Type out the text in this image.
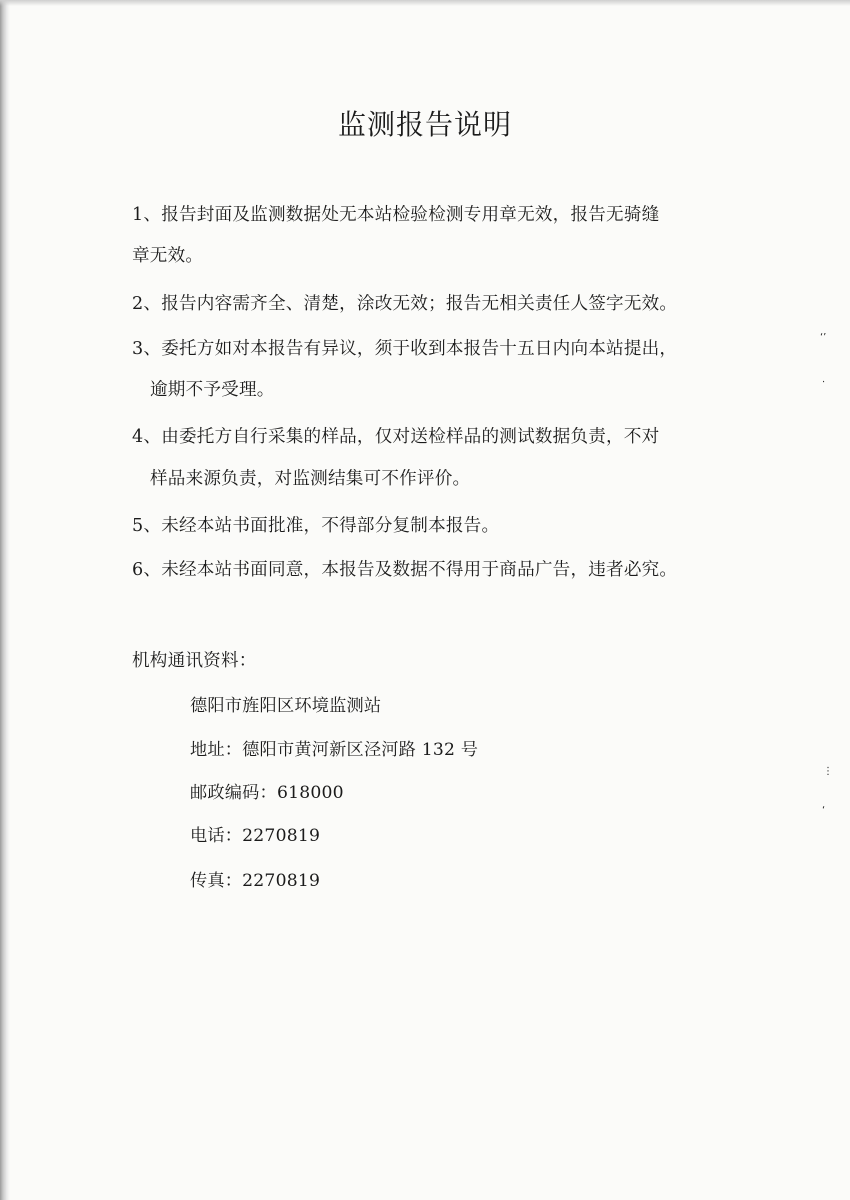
监测报告说明
1、报告封面及监测数据处无本站检验检测专用章无效，报告无骑缝
章无效。
2、报告内容需齐全、清楚，涂改无效；报告无相关责任人签字无效。
3、委托方如对本报告有异议，须于收到本报告十五日内向本站提出，
逾期不予受理。
4、由委托方自行采集的样品，仅对送检样品的测试数据负责，不对
样品来源负责，对监测结集可不作评价。
5、未经本站书面批准，不得部分复制本报告。
6、未经本站书面同意，本报告及数据不得用于商品广告，违者必究。
机构通讯资料：
德阳市旌阳区环境监测站
地址：德阳市黄河新区泾河路 132 号
邮政编码：618000
电话：2270819
传真：2270819
‘’
⋅
⋮
‘
